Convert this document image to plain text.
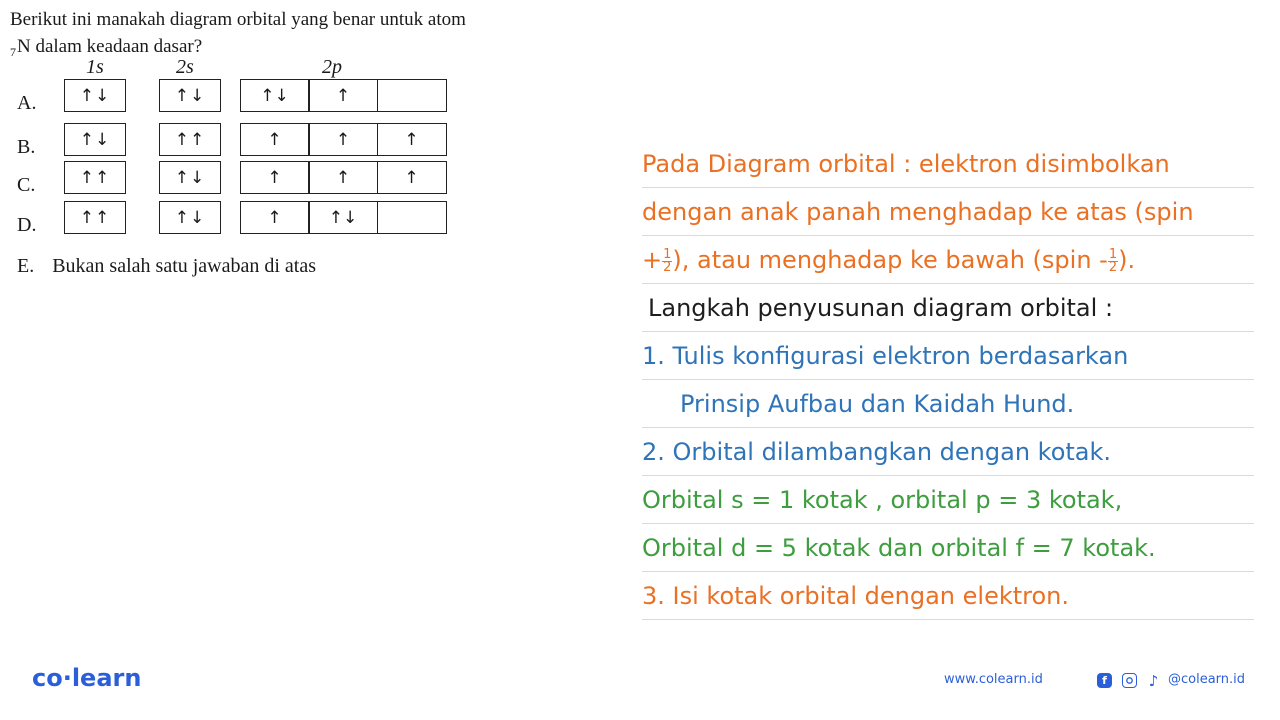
Berikut ini manakah diagram orbital yang benar untuk atom
$_7$N dalam keadaan dasar?
1s	2s	2p
A.	↑↓	↑↓	↑↓	↑
B.	↑↓	↑↑	↑	↑	↑
C.	↑↑	↑↓	↑	↑	↑
D.	↑↑	↑↓	↑	↑↓
E. Bukan salah satu jawaban di atas
Pada Diagram orbital : elektron disimbolkan
dengan anak panah menghadap ke atas (spin
+ $\frac{1}{2}$ ), atau menghadap ke bawah (spin - $\frac{1}{2}$ ).
Langkah penyusunan diagram orbital :
1. Tulis konfigurasi elektron berdasarkan
Prinsip Aufbau dan Kaidah Hund.
2. Orbital dilambangkan dengan kotak.
Orbital s = 1 kotak , orbital p = 3 kotak,
Orbital d = 5 kotak dan orbital f = 7 kotak.
3. Isi kotak orbital dengan elektron.
co·learn	www.colearn.id	f	♪ @colearn.id
